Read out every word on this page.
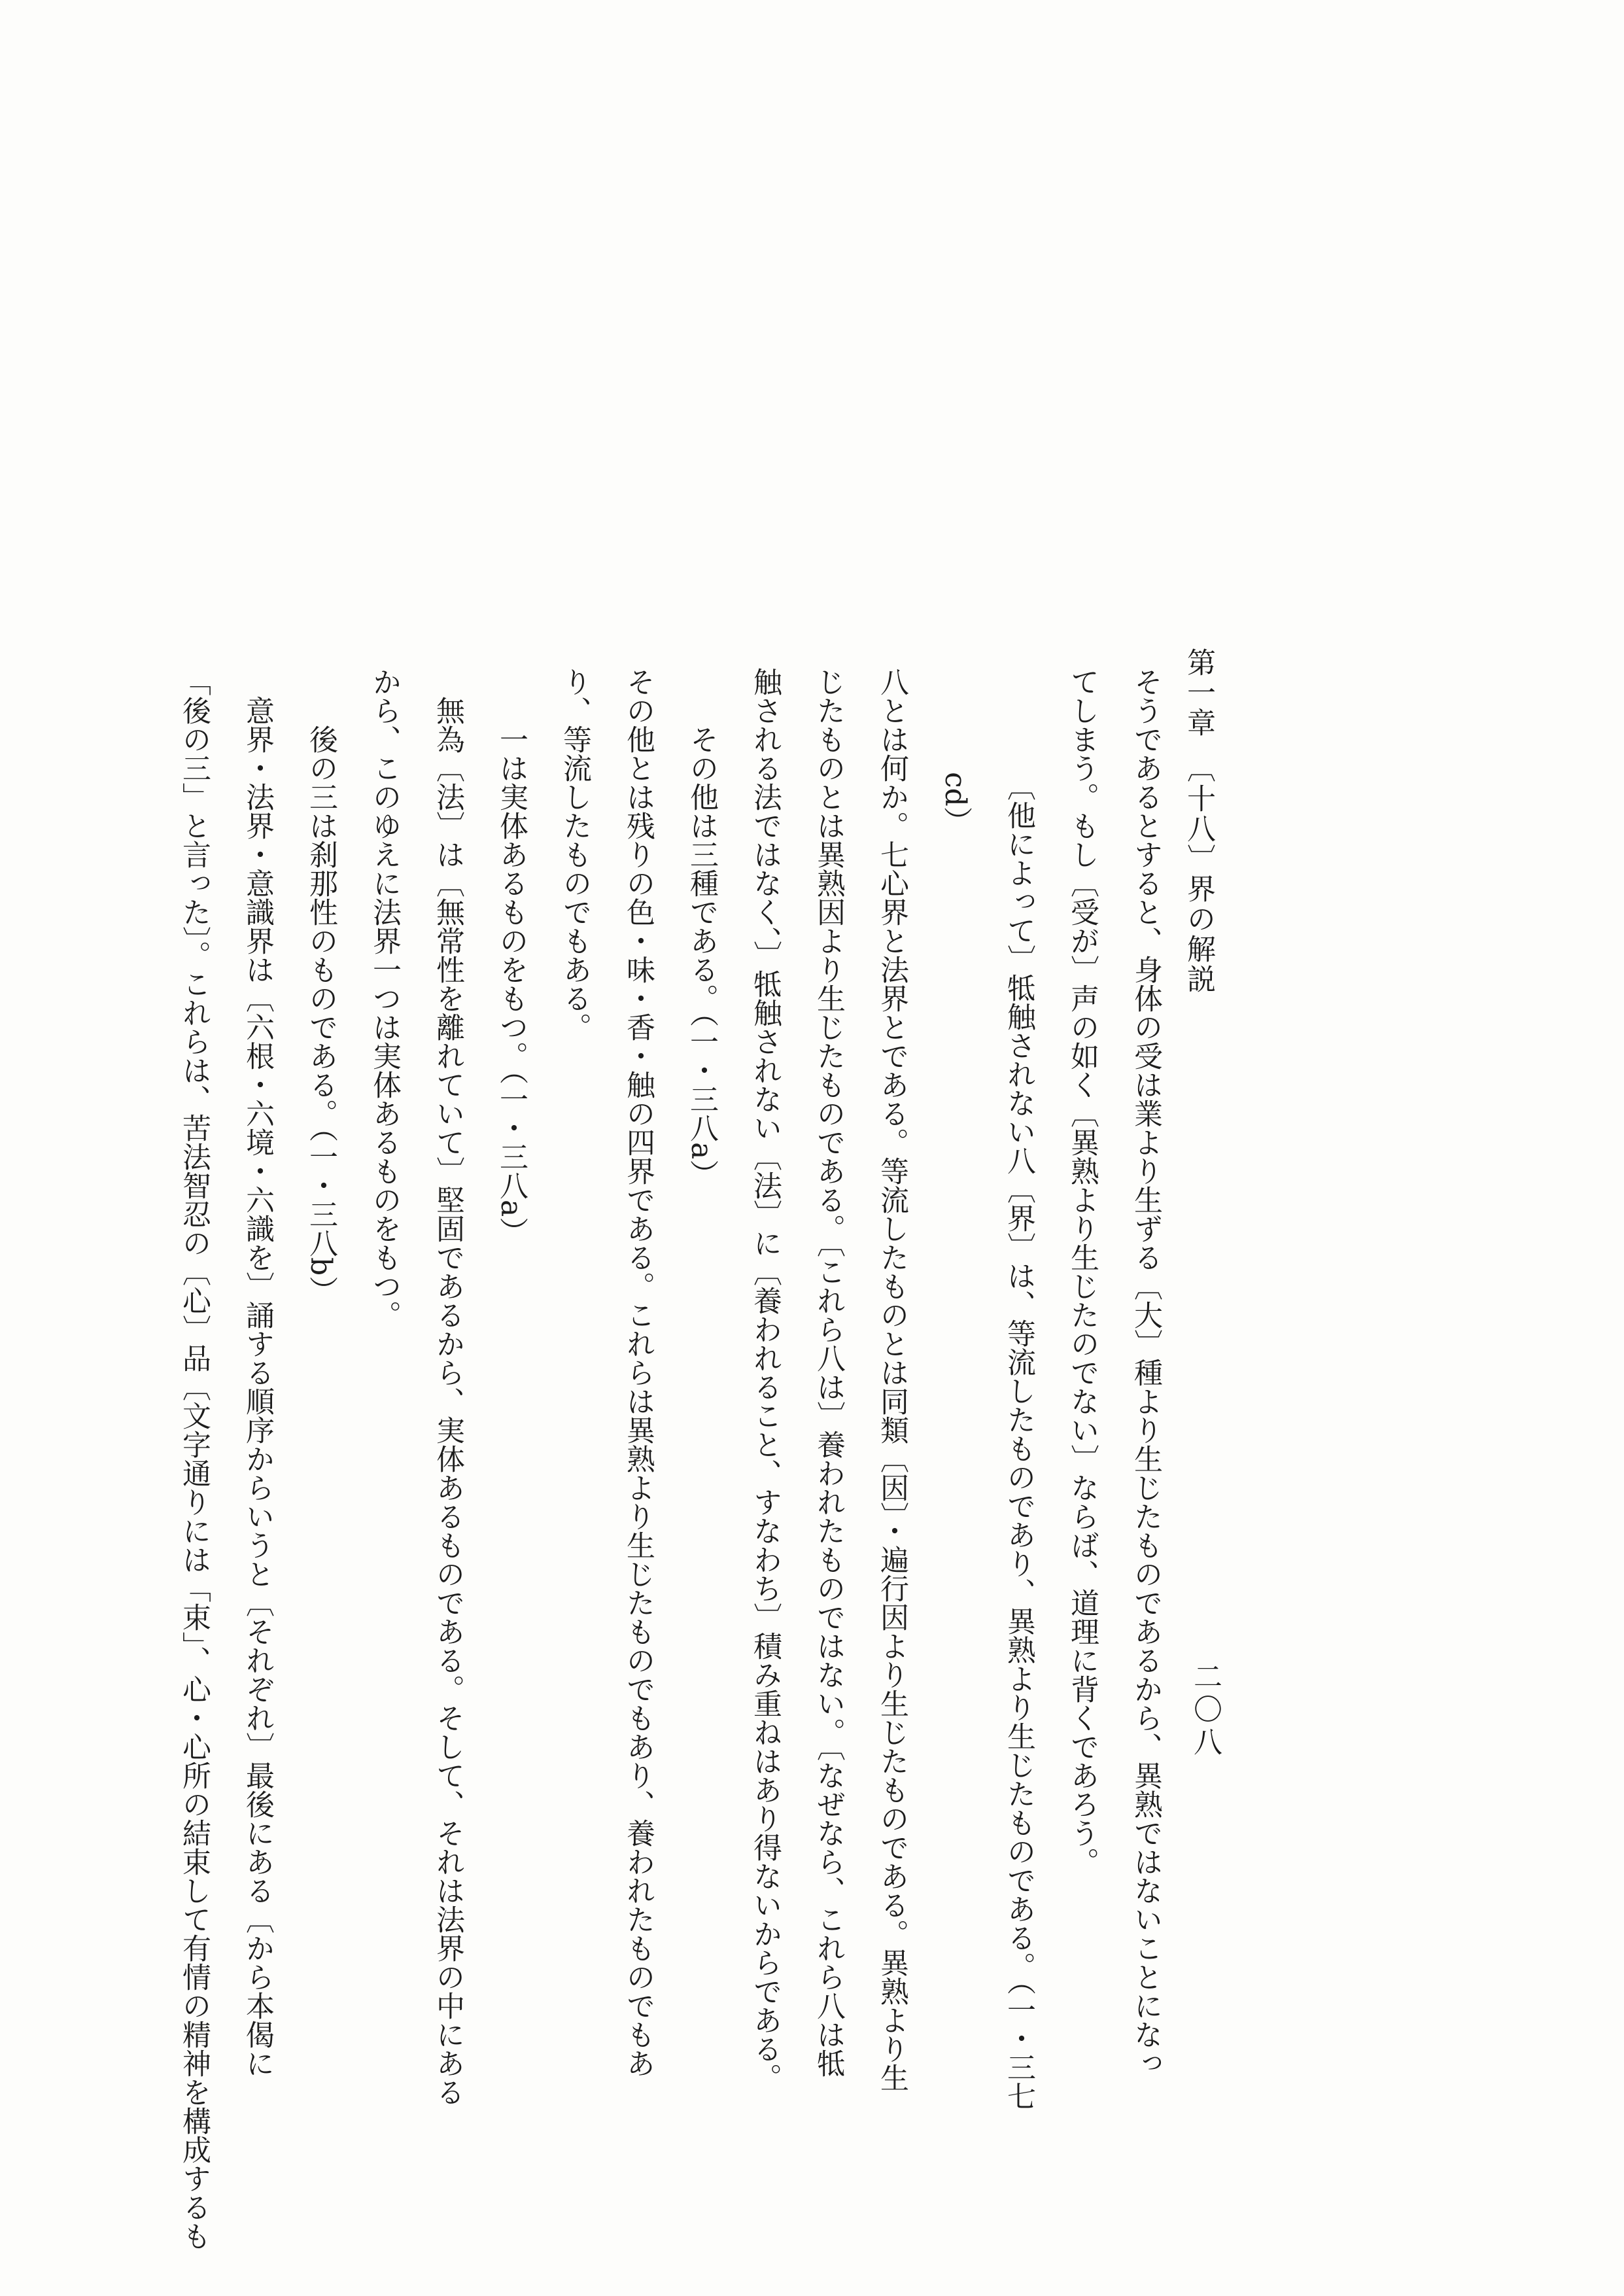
第一章　〔十八〕界の解説
二〇八
そうであるとすると、身体の受は業より生ずる〔大〕種より生じたものであるから、異熟ではないことになっ
てしまう。もし〔受が〕声の如く〔異熟より生じたのでない〕ならば、道理に背くであろう。
〔他によって〕牴触されない八〔界〕は、等流したものであり、異熟より生じたものである。（一・三七
cd）
八とは何か。七心界と法界とである。等流したものとは同類〔因〕・遍行因より生じたものである。異熟より生
じたものとは異熟因より生じたものである。〔これら八は〕養われたものではない。〔なぜなら、これら八は牴
触される法ではなく、〕牴触されない〔法〕に〔養われること、すなわち〕積み重ねはあり得ないからである。
その他は三種である。（一・三八a）
その他とは残りの色・味・香・触の四界である。これらは異熟より生じたものでもあり、養われたものでもあ
り、等流したものでもある。
一は実体あるものをもつ。（一・三八a）
無為〔法〕は〔無常性を離れていて〕堅固であるから、実体あるものである。そして、それは法界の中にある
から、このゆえに法界一つは実体あるものをもつ。
後の三は刹那性のものである。（一・三八b）
意界・法界・意識界は〔六根・六境・六識を〕誦する順序からいうと〔それぞれ〕最後にある〔から本偈に
「後の三」と言った〕。これらは、苦法智忍の〔心〕品〔文字通りには「束」、心・心所の結束して有情の精神を構成するも
